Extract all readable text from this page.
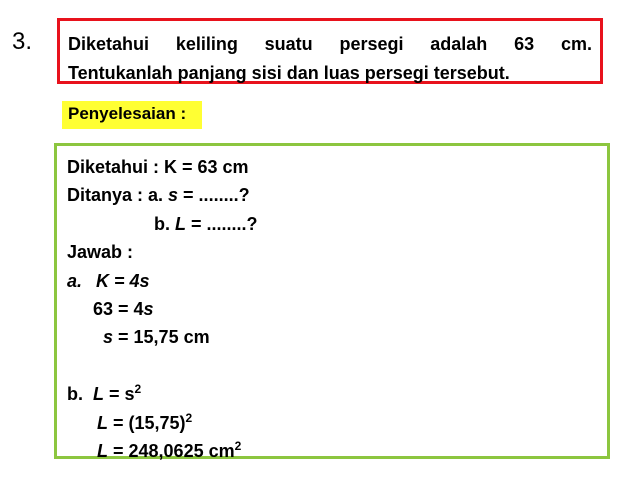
3. Diketahui keliling suatu persegi adalah 63 cm.
Tentukanlah panjang sisi dan luas persegi tersebut.
Penyelesaian :
Diketahui : K = 63 cm
Ditanya : a. s = ........?
b. L = ........?
Jawab :
a. K = 4s
63 = 4s
s = 15,75 cm
b.  $L = s^2$
$L = (15,75)^2$
L = 248,0625 $cm^2$
